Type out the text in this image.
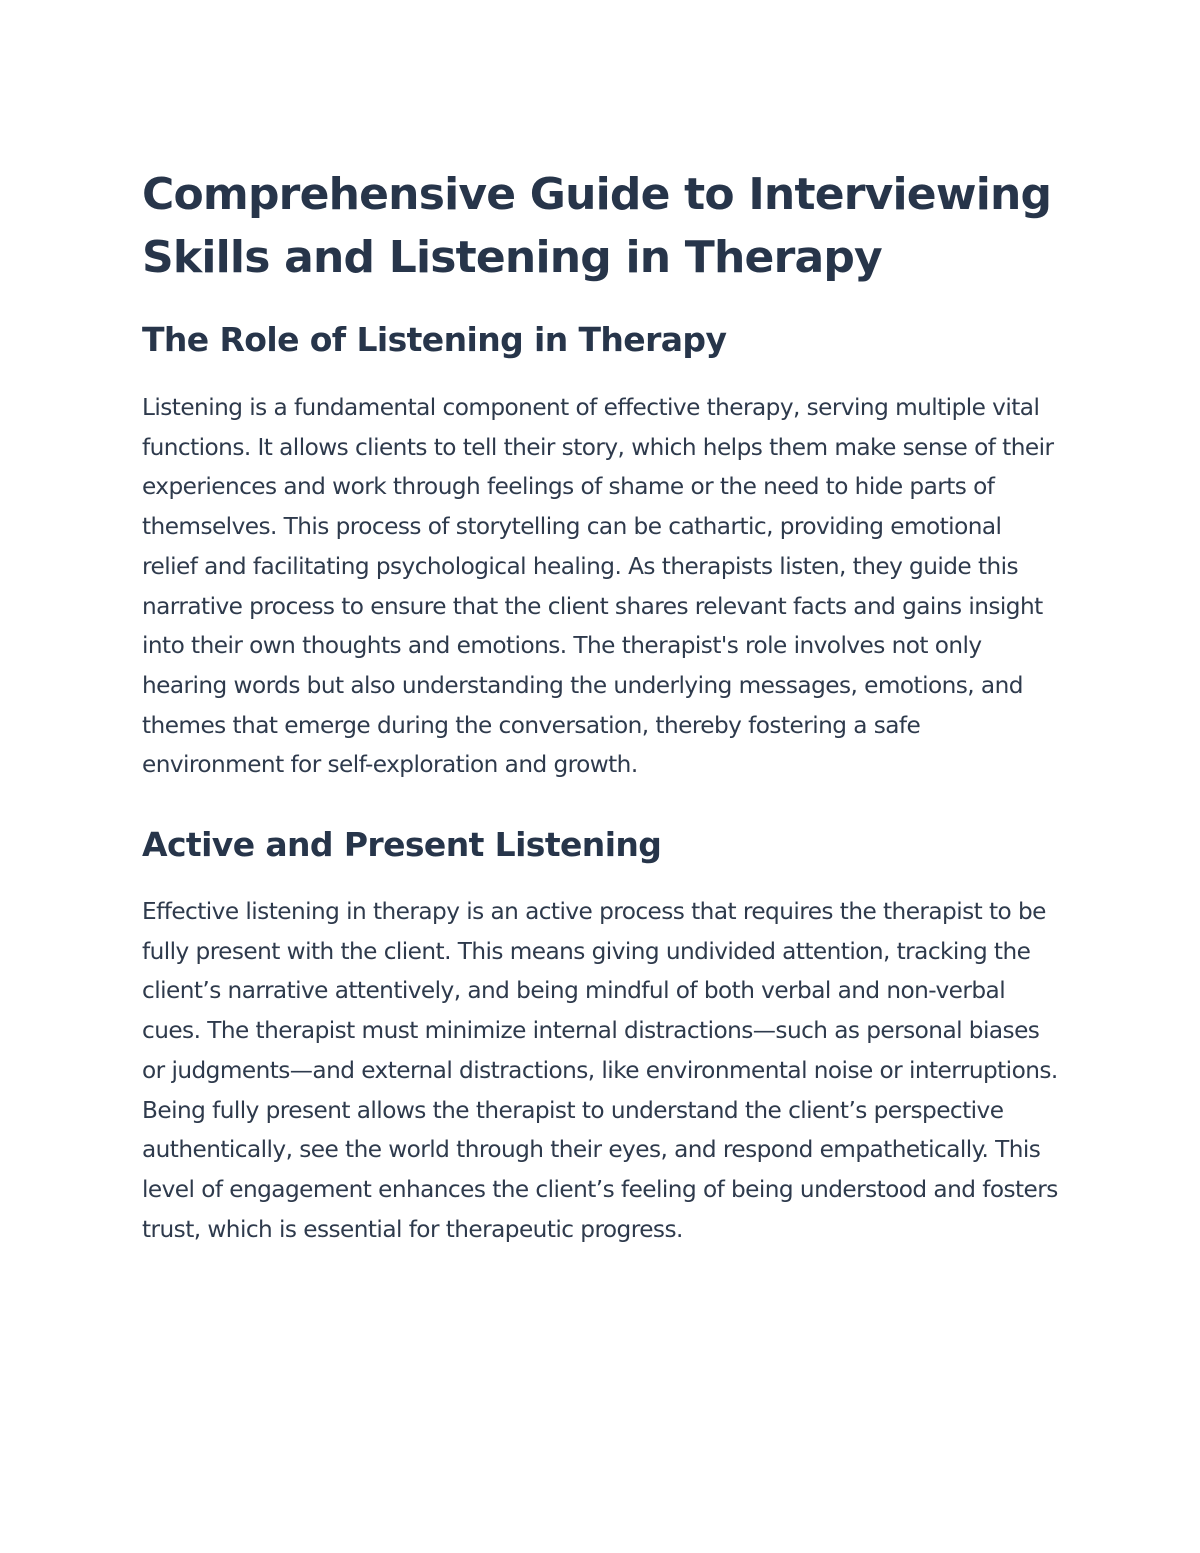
Comprehensive Guide to Interviewing Skills and Listening in Therapy
The Role of Listening in Therapy

Listening is a fundamental component of effective therapy, serving multiple vital functions. It allows clients to tell their story, which helps them make sense of their experiences and work through feelings of shame or the need to hide parts of themselves. This process of storytelling can be cathartic, providing emotional relief and facilitating psychological healing. As therapists listen, they guide this narrative process to ensure that the client shares relevant facts and gains insight into their own thoughts and emotions. The therapist's role involves not only hearing words but also understanding the underlying messages, emotions, and themes that emerge during the conversation, thereby fostering a safe environment for self-exploration and growth.

Active and Present Listening

Effective listening in therapy is an active process that requires the therapist to be fully present with the client. This means giving undivided attention, tracking the client’s narrative attentively, and being mindful of both verbal and non-verbal cues. The therapist must minimize internal distractions—such as personal biases or judgments—and external distractions, like environmental noise or interruptions. Being fully present allows the therapist to understand the client’s perspective authentically, see the world through their eyes, and respond empathetically. This level of engagement enhances the client’s feeling of being understood and fosters trust, which is essential for therapeutic progress.
